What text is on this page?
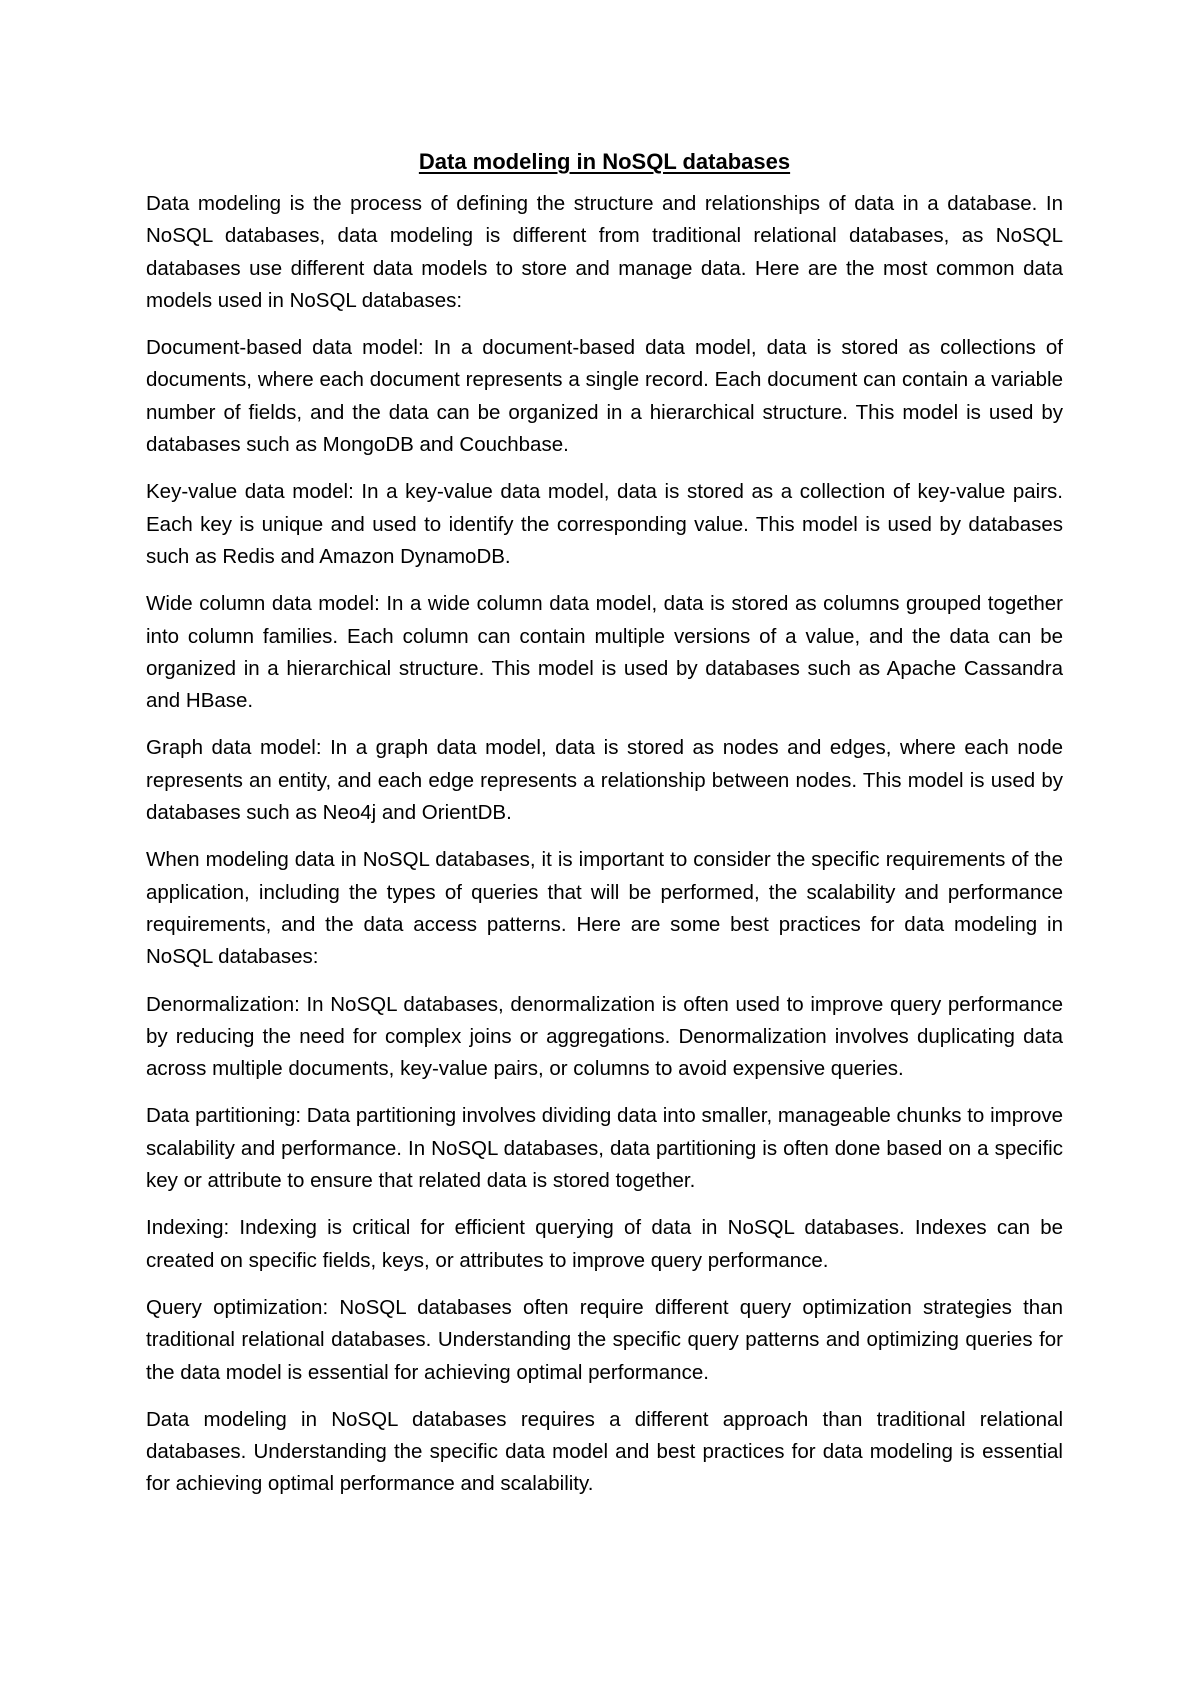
Data modeling in NoSQL databases

Data modeling is the process of defining the structure and relationships of data in a database. In NoSQL databases, data modeling is different from traditional relational databases, as NoSQL databases use different data models to store and manage data. Here are the most common data models used in NoSQL databases:

Document-based data model: In a document-based data model, data is stored as collections of documents, where each document represents a single record. Each document can contain a variable number of fields, and the data can be organized in a hierarchical structure. This model is used by databases such as MongoDB and Couchbase.

Key-value data model: In a key-value data model, data is stored as a collection of key-value pairs. Each key is unique and used to identify the corresponding value. This model is used by databases such as Redis and Amazon DynamoDB.

Wide column data model: In a wide column data model, data is stored as columns grouped together into column families. Each column can contain multiple versions of a value, and the data can be organized in a hierarchical structure. This model is used by databases such as Apache Cassandra and HBase.

Graph data model: In a graph data model, data is stored as nodes and edges, where each node represents an entity, and each edge represents a relationship between nodes. This model is used by databases such as Neo4j and OrientDB.

When modeling data in NoSQL databases, it is important to consider the specific requirements of the application, including the types of queries that will be performed, the scalability and performance requirements, and the data access patterns. Here are some best practices for data modeling in NoSQL databases:

Denormalization: In NoSQL databases, denormalization is often used to improve query performance by reducing the need for complex joins or aggregations. Denormalization involves duplicating data across multiple documents, key-value pairs, or columns to avoid expensive queries.

Data partitioning: Data partitioning involves dividing data into smaller, manageable chunks to improve scalability and performance. In NoSQL databases, data partitioning is often done based on a specific key or attribute to ensure that related data is stored together.

Indexing: Indexing is critical for efficient querying of data in NoSQL databases. Indexes can be created on specific fields, keys, or attributes to improve query performance.

Query optimization: NoSQL databases often require different query optimization strategies than traditional relational databases. Understanding the specific query patterns and optimizing queries for the data model is essential for achieving optimal performance.

Data modeling in NoSQL databases requires a different approach than traditional relational databases. Understanding the specific data model and best practices for data modeling is essential for achieving optimal performance and scalability.
